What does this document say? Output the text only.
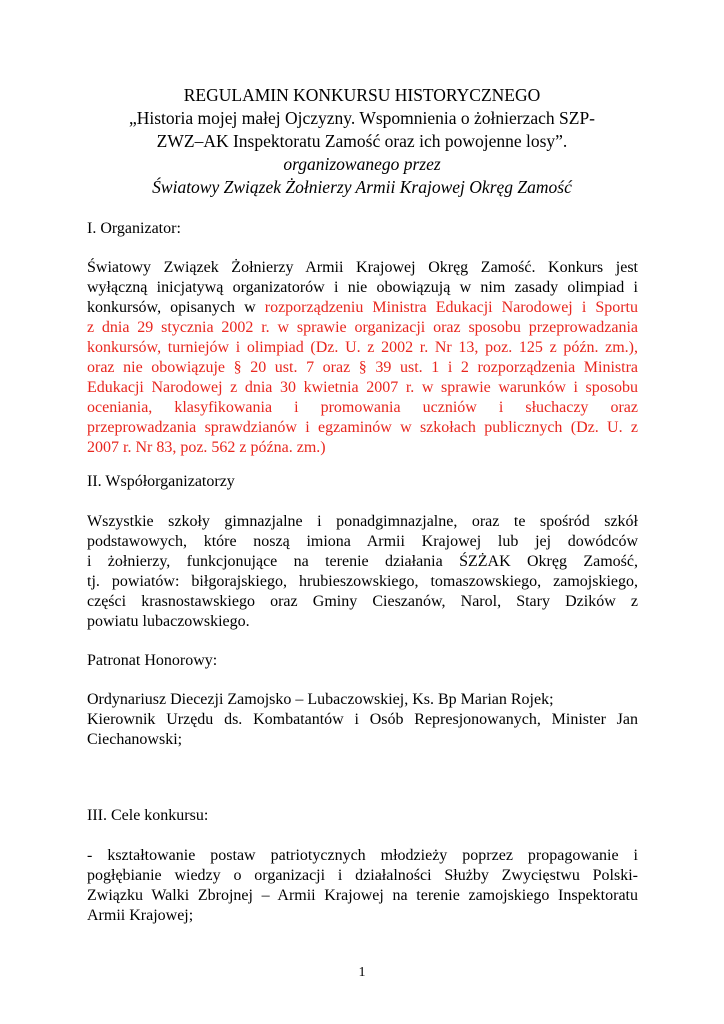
REGULAMIN KONKURSU HISTORYCZNEGO
„Historia mojej małej Ojczyzny. Wspomnienia o żołnierzach SZP-
ZWZ–AK Inspektoratu Zamość oraz ich powojenne losy”.
organizowanego przez
Światowy Związek Żołnierzy Armii Krajowej Okręg Zamość
I. Organizator:
Światowy Związek Żołnierzy Armii Krajowej Okręg Zamość. Konkurs jest
wyłączną inicjatywą organizatorów i nie obowiązują w nim zasady olimpiad i
konkursów, opisanych w rozporządzeniu Ministra Edukacji Narodowej i Sportu
z dnia 29 stycznia 2002 r. w sprawie organizacji oraz sposobu przeprowadzania
konkursów, turniejów i olimpiad (Dz. U. z 2002 r. Nr 13, poz. 125 z późn. zm.),
oraz nie obowiązuje § 20 ust. 7 oraz § 39 ust. 1 i 2 rozporządzenia Ministra
Edukacji Narodowej z dnia 30 kwietnia 2007 r. w sprawie warunków i sposobu
oceniania, klasyfikowania i promowania uczniów i słuchaczy oraz
przeprowadzania sprawdzianów i egzaminów w szkołach publicznych (Dz. U. z
2007 r. Nr 83, poz. 562 z późna. zm.)
II. Współorganizatorzy
Wszystkie szkoły gimnazjalne i ponadgimnazjalne, oraz te spośród szkół
podstawowych, które noszą imiona Armii Krajowej lub jej dowódców
i żołnierzy, funkcjonujące na terenie działania ŚZŻAK Okręg Zamość,
tj. powiatów: biłgorajskiego, hrubieszowskiego, tomaszowskiego, zamojskiego,
części krasnostawskiego oraz Gminy Cieszanów, Narol, Stary Dzików z
powiatu lubaczowskiego.
Patronat Honorowy:
Ordynariusz Diecezji Zamojsko – Lubaczowskiej, Ks. Bp Marian Rojek;
Kierownik Urzędu ds. Kombatantów i Osób Represjonowanych, Minister Jan
Ciechanowski;
III. Cele konkursu:
- kształtowanie postaw patriotycznych młodzieży poprzez propagowanie i
pogłębianie wiedzy o organizacji i działalności Służby Zwycięstwu Polski-
Związku Walki Zbrojnej – Armii Krajowej na terenie zamojskiego Inspektoratu
Armii Krajowej;
1
